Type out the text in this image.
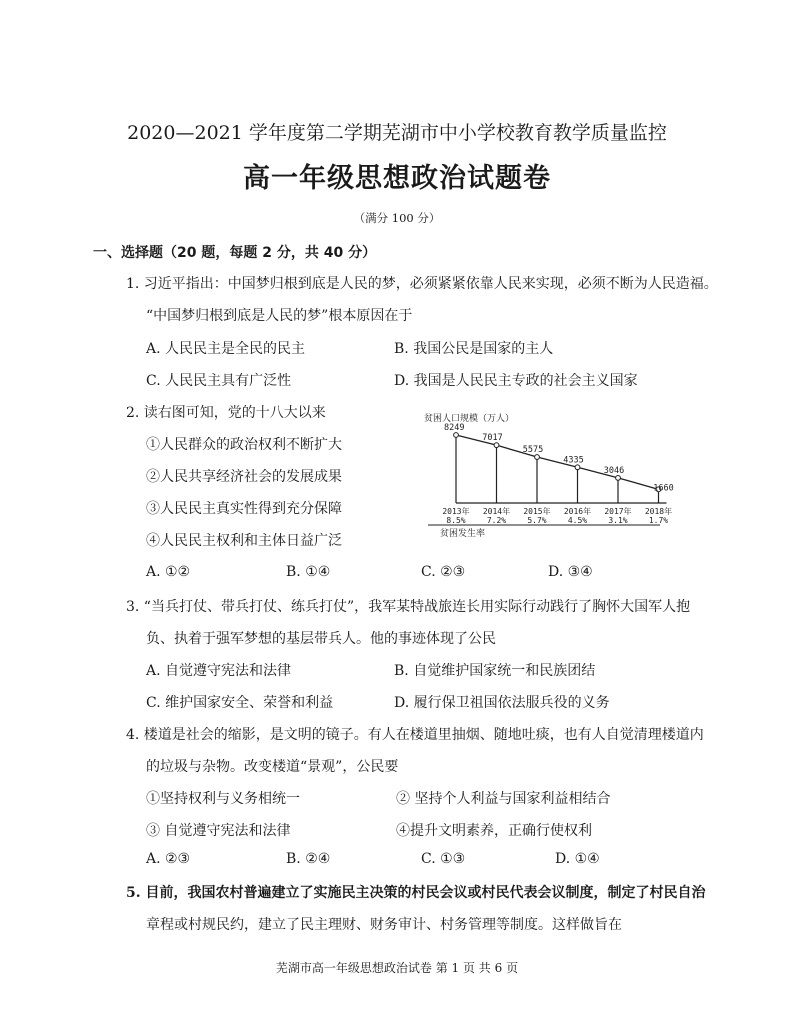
2020—2021 学年度第二学期芜湖市中小学校教育教学质量监控
高一年级思想政治试题卷
（满分 100 分）
一、选择题（20 题，每题 2 分，共 40 分）
1. 习近平指出：中国梦归根到底是人民的梦，必须紧紧依靠人民来实现，必须不断为人民造福。
“中国梦归根到底是人民的梦”根本原因在于
A. 人民民主是全民的民主	B. 我国公民是国家的主人
C. 人民民主具有广泛性	D. 我国是人民民主专政的社会主义国家
2. 读右图可知，党的十八大以来
①人民群众的政治权利不断扩大
②人民共享经济社会的发展成果
③人民民主真实性得到充分保障
④人民民主权利和主体日益广泛
A. ①②	B. ①④	C. ②③	D. ③④
贫困人口规模（万人）
8249
2013年
8.5%
7017
2014年
7.2%
5575
2015年
5.7%
4335
2016年
4.5%
3046
2017年
3.1%
1660
2018年
1.7%
贫困发生率
3. “当兵打仗、带兵打仗、练兵打仗”，我军某特战旅连长用实际行动践行了胸怀大国军人抱
负、执着于强军梦想的基层带兵人。他的事迹体现了公民
A. 自觉遵守宪法和法律	B. 自觉维护国家统一和民族团结
C. 维护国家安全、荣誉和利益	D. 履行保卫祖国依法服兵役的义务
4. 楼道是社会的缩影，是文明的镜子。有人在楼道里抽烟、随地吐痰，也有人自觉清理楼道内
的垃圾与杂物。改变楼道“景观”，公民要
①坚持权利与义务相统一	② 坚持个人利益与国家利益相结合
③ 自觉遵守宪法和法律	④提升文明素养，正确行使权利
A. ②③	B. ②④	C. ①③	D. ①④
5. 目前，我国农村普遍建立了实施民主决策的村民会议或村民代表会议制度，制定了村民自治
章程或村规民约，建立了民主理财、财务审计、村务管理等制度。这样做旨在
芜湖市高一年级思想政治试卷 第 1 页 共 6 页
